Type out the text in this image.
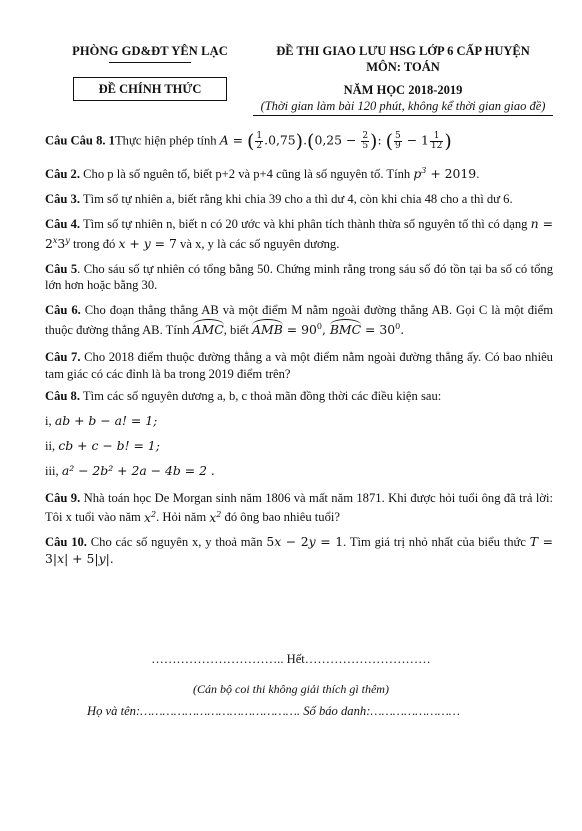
PHÒNG GD&ĐT YÊN LẠC
ĐỀ CHÍNH THỨC
ĐỀ THI GIAO LƯU HSG LỚP 6 CẤP HUYỆN
MÔN: TOÁN
NĂM HỌC 2018-2019
(Thời gian làm bài 120 phút, không kể thời gian giao đề)

Câu Câu 8. 1Thực hiện phép tính A = ( $\frac{1}{2} .0,75).(0,25 - \frac{2}{5}$ ): ( $\frac{5}{9} - 1 \frac{1}{12}$ )

Câu 2. Cho p là số nguên tố, biết p+2 và p+4 cũng là số nguyên tố. Tính $p^3 + 2019$.

Câu 3. Tìm số tự nhiên a, biết rằng khi chia 39 cho a thì dư 4, còn khi chia 48 cho a thì dư 6.

Câu 4. Tìm số tự nhiên n, biết n có 20 ước và khi phân tích thành thừa số nguyên tố thì có dạng $n = 2^x3^y$ trong đó x + y = 7 và x, y là các số nguyên dương.

Câu 5. Cho sáu số tự nhiên có tổng bằng 50. Chứng minh rằng trong sáu số đó tồn tại ba số có tổng lớn hơn hoặc bằng 30.

Câu 6. Cho đoạn thẳng thẳng AB và một điểm M nằm ngoài đường thẳng AB. Gọi C là một điểm thuộc đường thẳng AB. Tính AMC, biết AMB = $90^0$, BMC = $30^0$.

Câu 7. Cho 2018 điểm thuộc đường thẳng a và một điểm nằm ngoài đường thẳng ấy. Có bao nhiêu tam giác có các đỉnh là ba trong 2019 điểm trên?

Câu 8. Tìm các số nguyên dương a, b, c thoả mãn đồng thời các điều kiện sau:

i, ab + b − a! = 1;

ii, cb + c − b! = 1;

iii, a² − 2b² + 2a − 4b = 2 .

Câu 9. Nhà toán học De Morgan sinh năm 1806 và mất năm 1871. Khi được hỏi tuổi ông đã trả lời: Tôi x tuổi vào năm $x^2$. Hỏi năm $x^2$ đó ông bao nhiêu tuổi?

Câu 10. Cho các số nguyên x, y thoả mãn 5x − 2y = 1. Tìm giá trị nhỏ nhất của biểu thức T = 3|x| + 5|y|.

………………………….. Hết…………………………
(Cán bộ coi thi không giải thích gì thêm)
Họ và tên:……………………………………. Số báo danh:……………………
